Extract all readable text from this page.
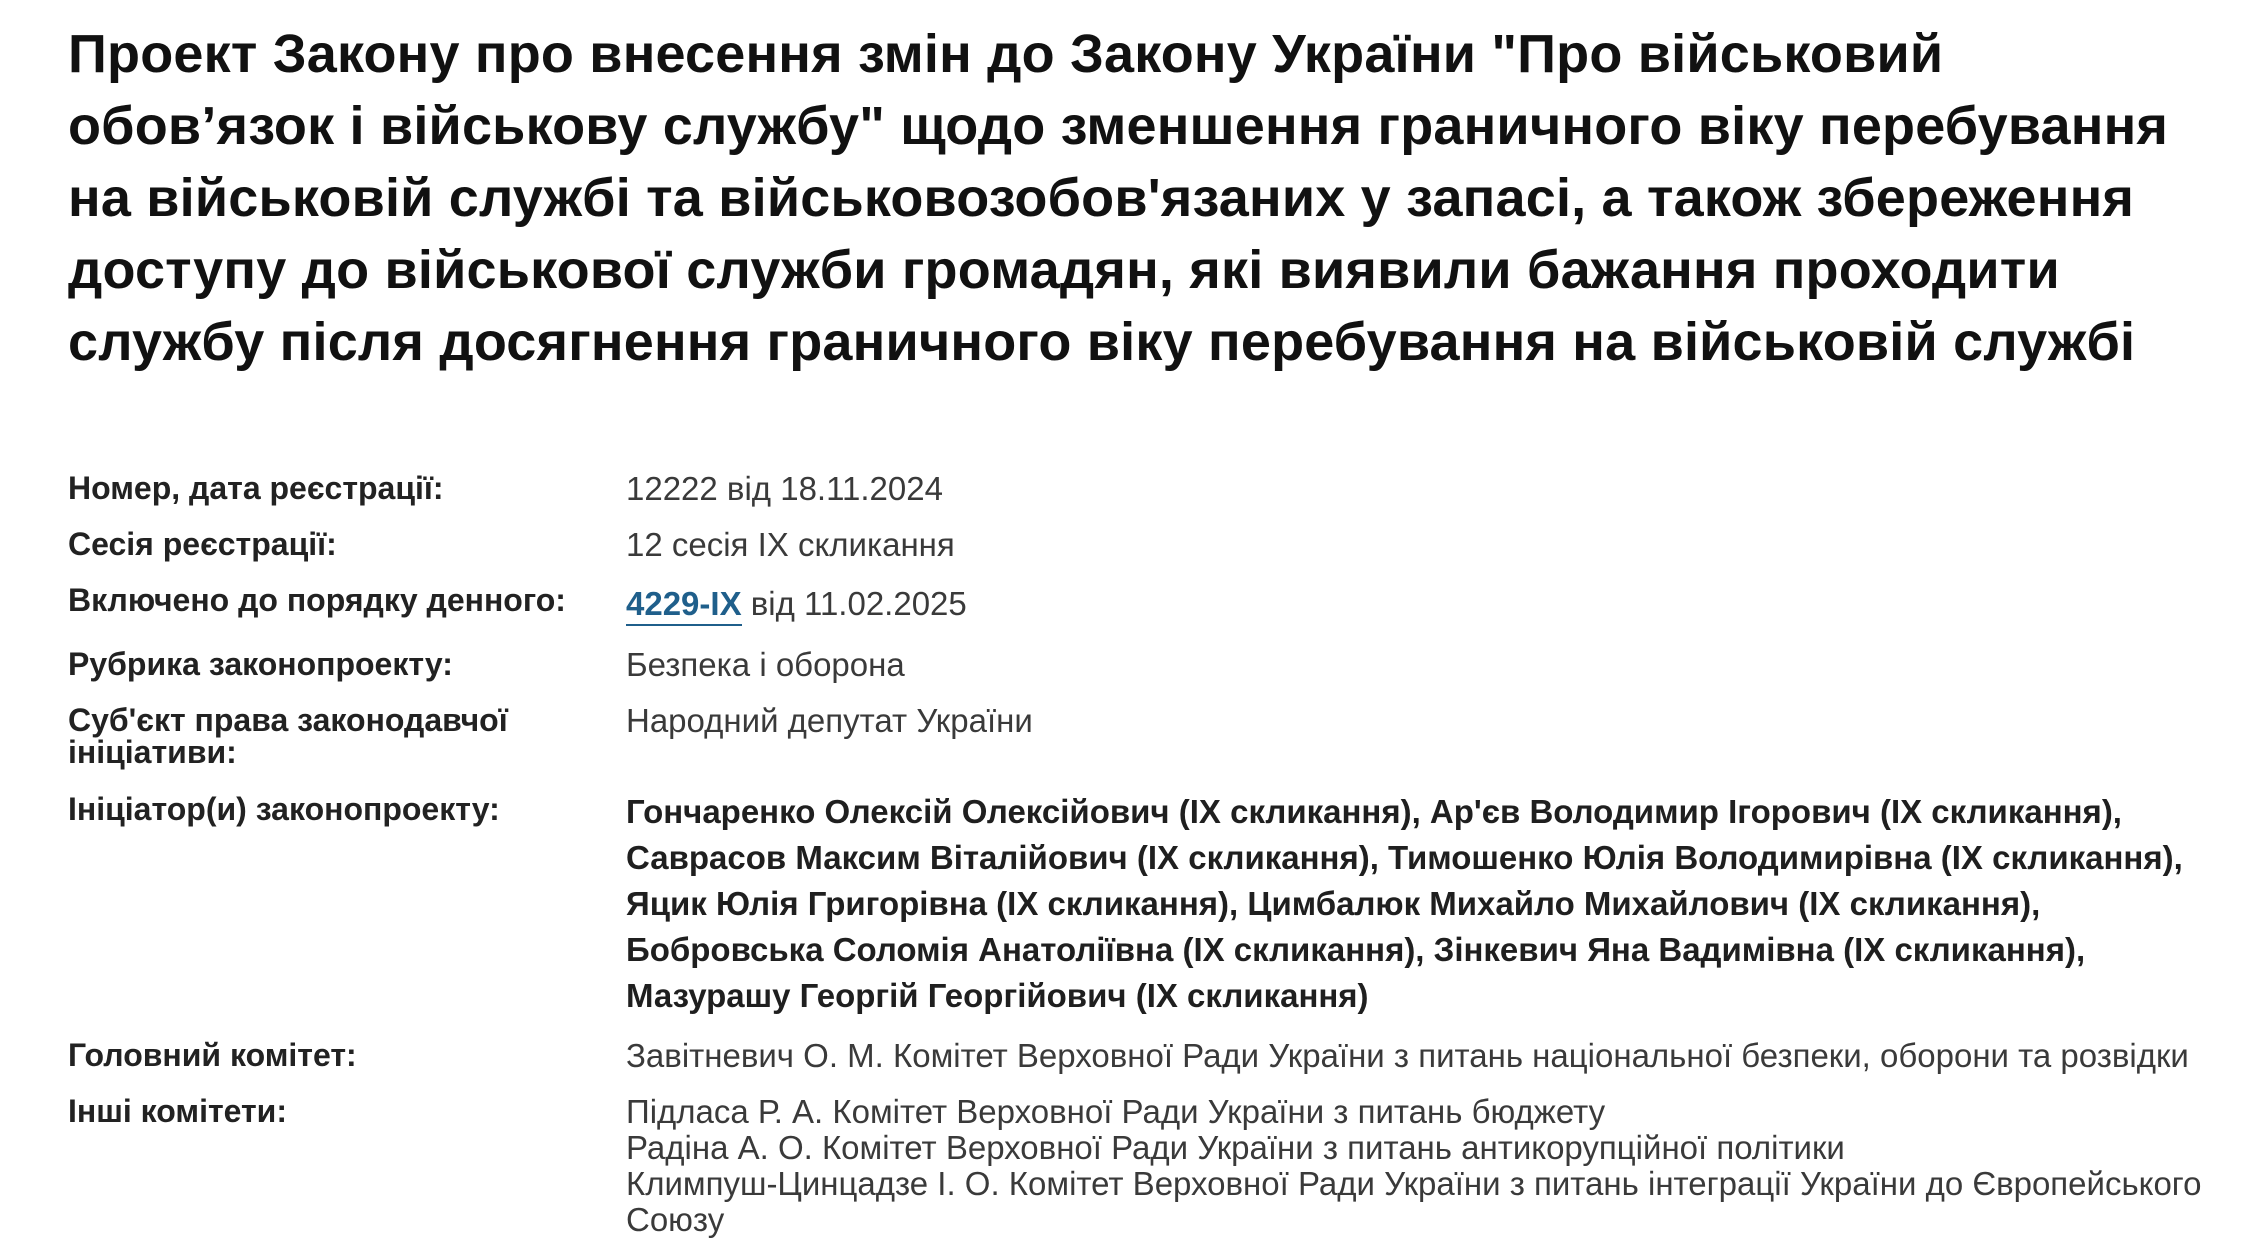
Проект Закону про внесення змін до Закону України "Про військовий обов’язок і військову службу" щодо зменшення граничного віку перебування на військовій службі та військовозобов'язаних у запасі, а також збереження доступу до військової служби громадян, які виявили бажання проходити службу після досягнення граничного віку перебування на військовій службі
Номер, дата реєстрації:	12222 від 18.11.2024
Сесія реєстрації:	12 сесія IX скликання
Включено до порядку денного:	4229-IX від 11.02.2025
Рубрика законопроекту:	Безпека і оборона
Суб'єкт права законодавчої ініціативи:
Народний депутат України
Ініціатор(и) законопроекту:	Гончаренко Олексій Олексійович (IX скликання), Ар'єв Володимир Ігорович (IX скликання), Саврасов Максим Віталійович (IX скликання), Тимошенко Юлія Володимирівна (IX скликання), Яцик Юлія Григорівна (IX скликання), Цимбалюк Михайло Михайлович (IX скликання), Бобровська Соломія Анатоліївна (IX скликання), Зінкевич Яна Вадимівна (IX скликання), Мазурашу Георгій Георгійович (IX скликання)
Головний комітет:	Завітневич О. М. Комітет Верховної Ради України з питань національної безпеки, оборони та розвідки
Інші комітети:	Підласа Р. А. Комітет Верховної Ради України з питань бюджету
Радіна А. О. Комітет Верховної Ради України з питань антикорупційної політики
Климпуш-Цинцадзе І. О. Комітет Верховної Ради України з питань інтеграції України до Європейського Союзу
